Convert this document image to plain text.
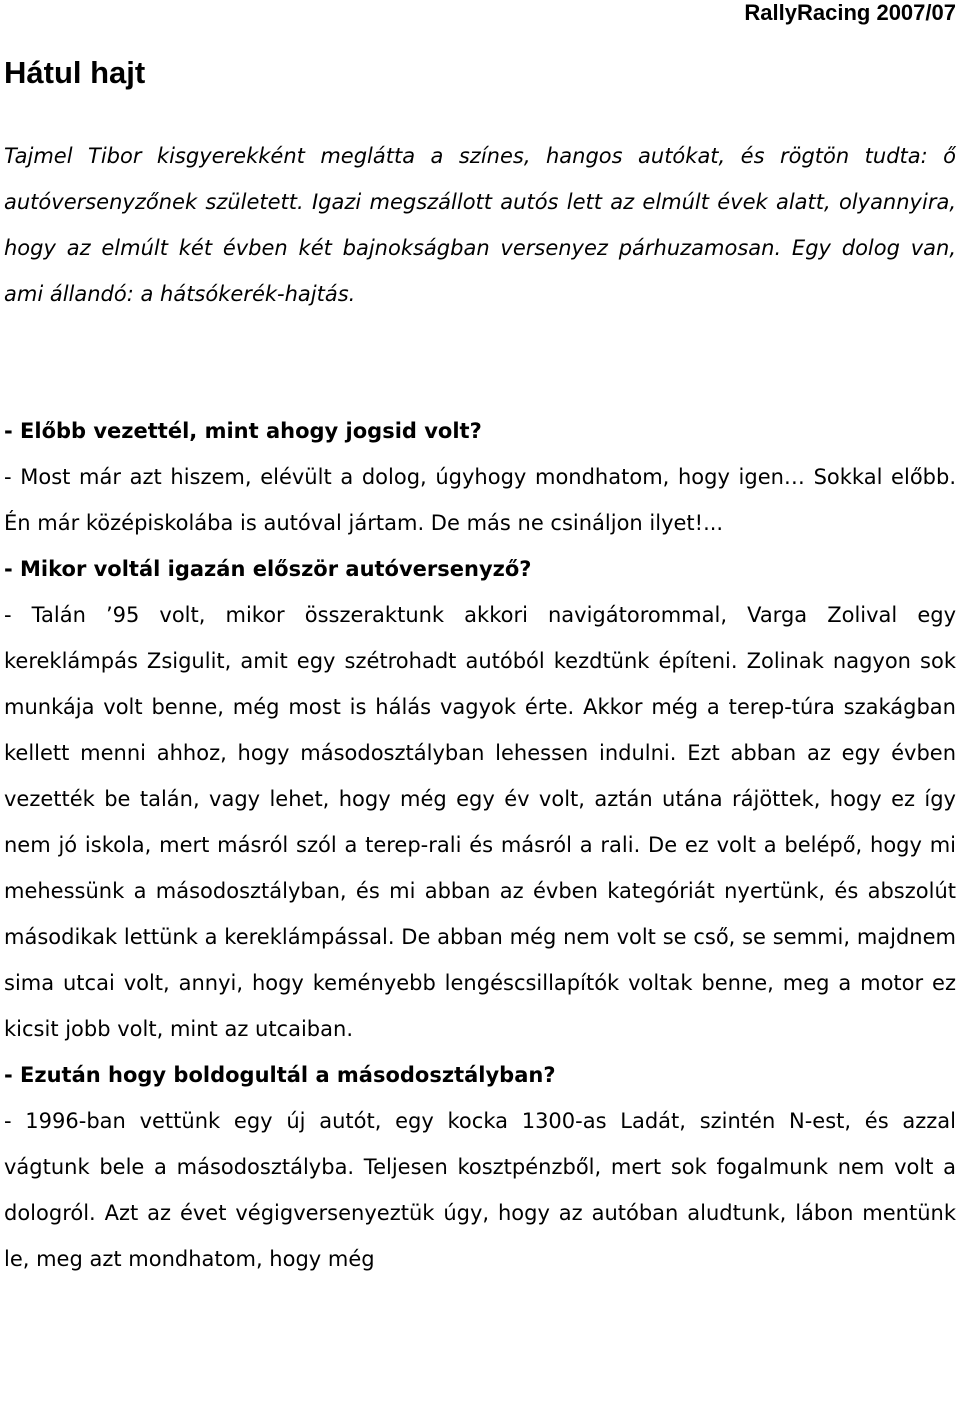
RallyRacing 2007/07
Hátul hajt

Tajmel Tibor kisgyerekként meglátta a színes, hangos autókat, és rögtön tudta: ő autóversenyzőnek született. Igazi megszállott autós lett az elmúlt évek alatt, olyannyira, hogy az elmúlt két évben két bajnokságban versenyez párhuzamosan. Egy dolog van, ami állandó: a hátsókerék-hajtás.

- Előbb vezettél, mint ahogy jogsid volt?

- Most már azt hiszem, elévült a dolog, úgyhogy mondhatom, hogy igen… Sokkal előbb. Én már középiskolába is autóval jártam. De más ne csináljon ilyet!...

- Mikor voltál igazán először autóversenyző?

- Talán ’95 volt, mikor összeraktunk akkori navigátorommal, Varga Zolival egy kereklámpás Zsigulit, amit egy szétrohadt autóból kezdtünk építeni. Zolinak nagyon sok munkája volt benne, még most is hálás vagyok érte. Akkor még a terep-túra szakágban kellett menni ahhoz, hogy másodosztályban lehessen indulni. Ezt abban az egy évben vezették be talán, vagy lehet, hogy még egy év volt, aztán utána rájöttek, hogy ez így nem jó iskola, mert másról szól a terep-rali és másról a rali. De ez volt a belépő, hogy mi mehessünk a másodosztályban, és mi abban az évben kategóriát nyertünk, és abszolút másodikak lettünk a kereklámpással. De abban még nem volt se cső, se semmi, majdnem sima utcai volt, annyi, hogy keményebb lengéscsillapítók voltak benne, meg a motor ez kicsit jobb volt, mint az utcaiban.

- Ezután hogy boldogultál a másodosztályban?

- 1996-ban vettünk egy új autót, egy kocka 1300-as Ladát, szintén N-est, és azzal vágtunk bele a másodosztályba. Teljesen kosztpénzből, mert sok fogalmunk nem volt a dologról. Azt az évet végigversenyeztük úgy, hogy az autóban aludtunk, lábon mentünk le, meg azt mondhatom, hogy még
